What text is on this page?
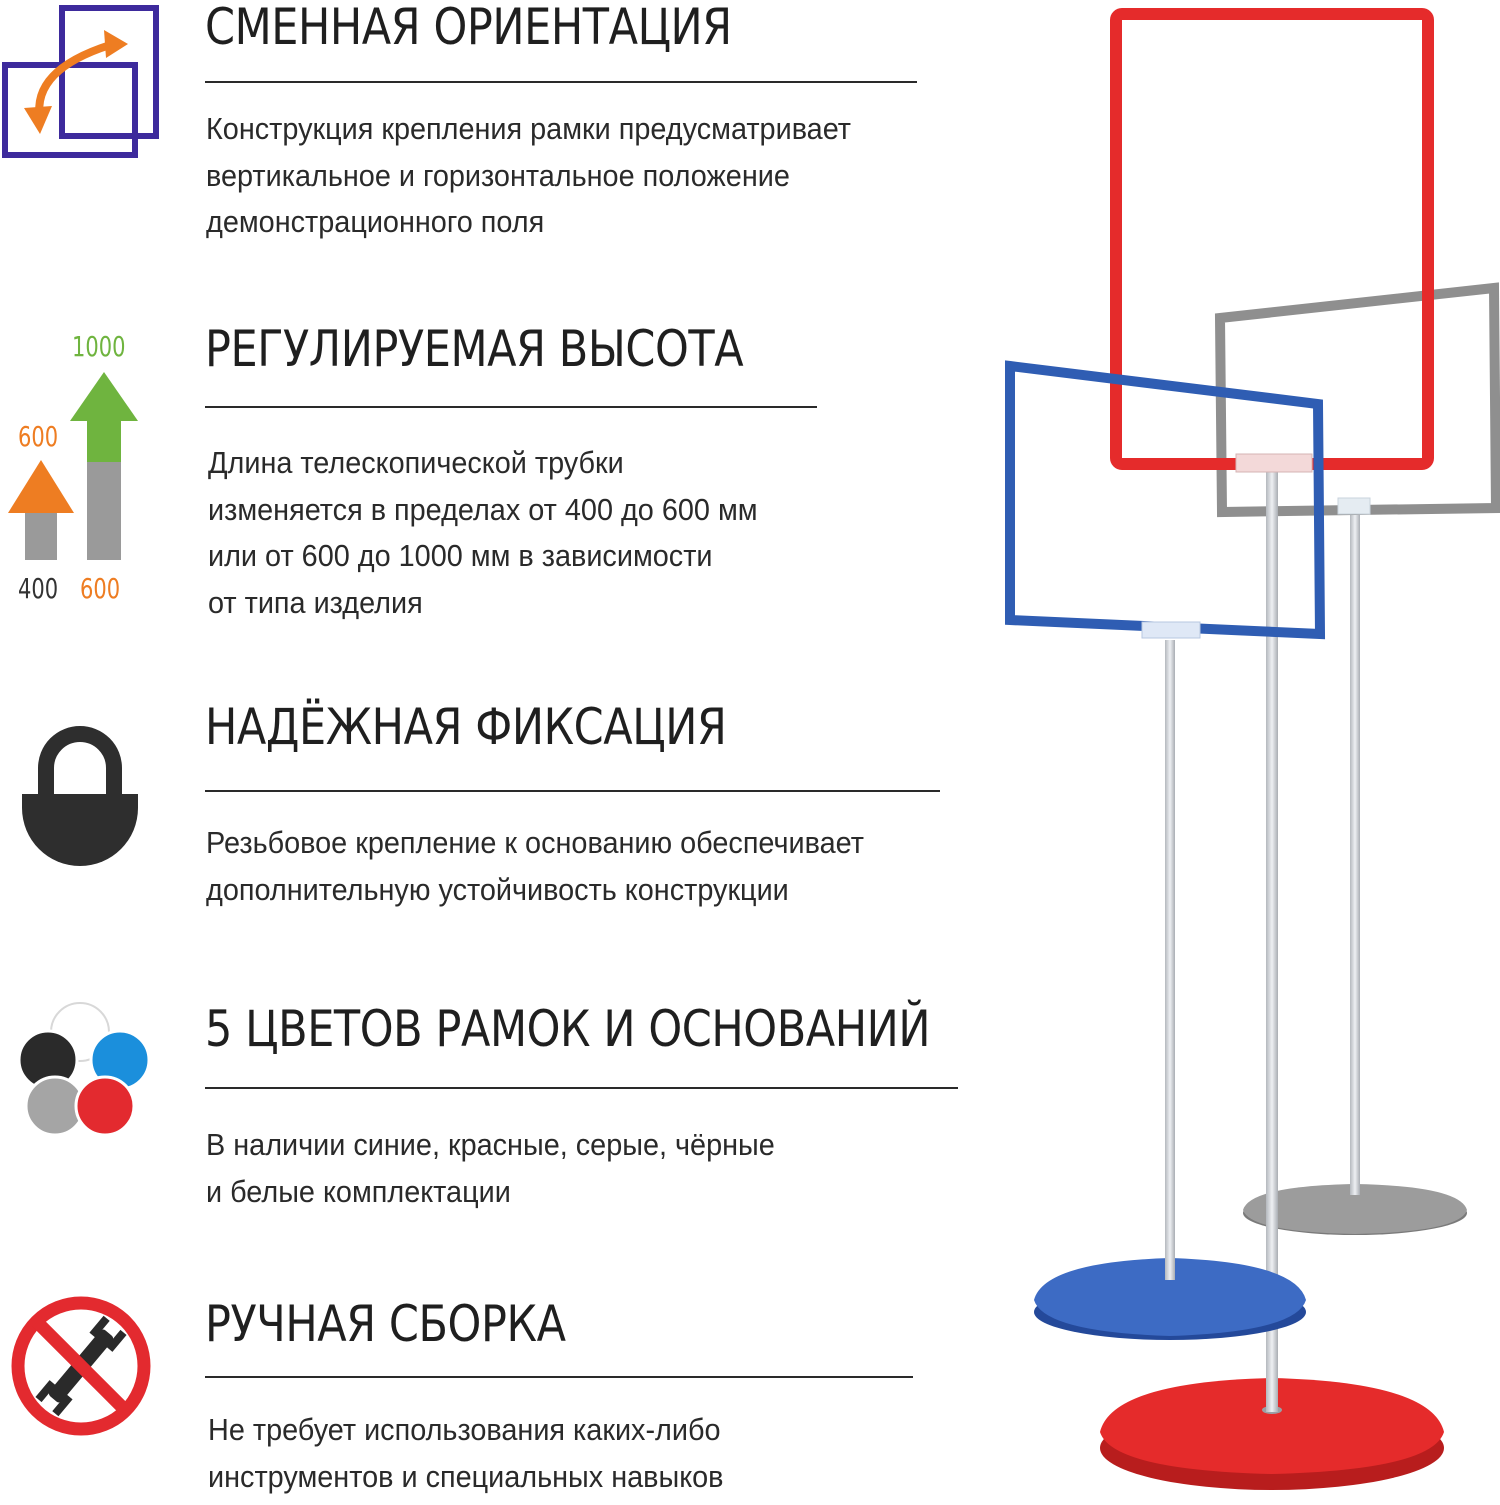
СМЕННАЯ ОРИЕНТАЦИЯ

Конструкция крепления рамки предусматривает
вертикальное и горизонтальное положение
демонстрационного поля

1000
600
400 600
РЕГУЛИРУЕМАЯ ВЫСОТА

Длина телескопической трубки
изменяется в пределах от 400 до 600 мм
или от 600 до 1000 мм в зависимости
от типа изделия

НАДЁЖНАЯ ФИКСАЦИЯ

Резьбовое крепление к основанию обеспечивает
дополнительную устойчивость конструкции

5 ЦВЕТОВ РАМОК И ОСНОВАНИЙ

В наличии синие, красные, серые, чёрные
и белые комплектации

РУЧНАЯ СБОРКА

Не требует использования каких-либо
инструментов и специальных навыков
